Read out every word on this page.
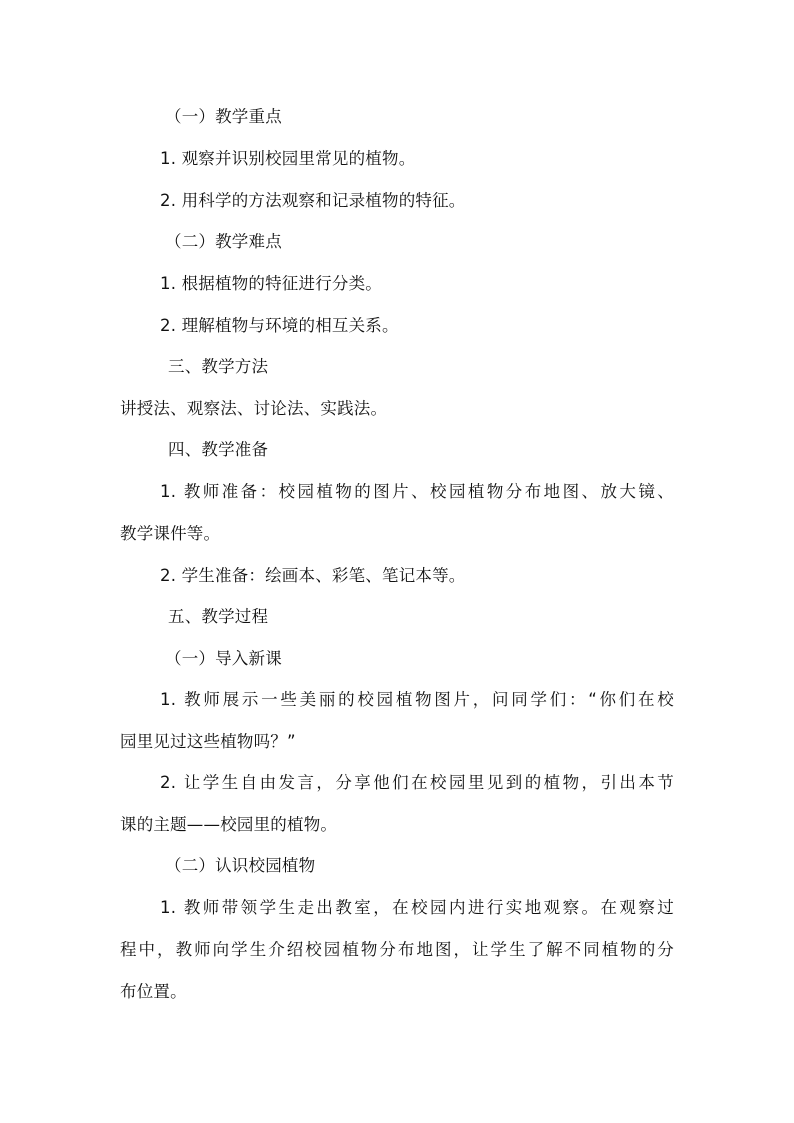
（一）教学重点
1. 观察并识别校园里常见的植物。
2. 用科学的方法观察和记录植物的特征。
（二）教学难点
1. 根据植物的特征进行分类。
2. 理解植物与环境的相互关系。
三、教学方法
讲授法、观察法、讨论法、实践法。
四、教学准备
1. 教师准备：校园植物的图片、校园植物分布地图、放大镜、
教学课件等。
2. 学生准备：绘画本、彩笔、笔记本等。
五、教学过程
（一）导入新课
1. 教师展示一些美丽的校园植物图片，问同学们：“你们在校
园里见过这些植物吗？”
2. 让学生自由发言，分享他们在校园里见到的植物，引出本节
课的主题——校园里的植物。
（二）认识校园植物
1. 教师带领学生走出教室，在校园内进行实地观察。在观察过
程中，教师向学生介绍校园植物分布地图，让学生了解不同植物的分
布位置。
